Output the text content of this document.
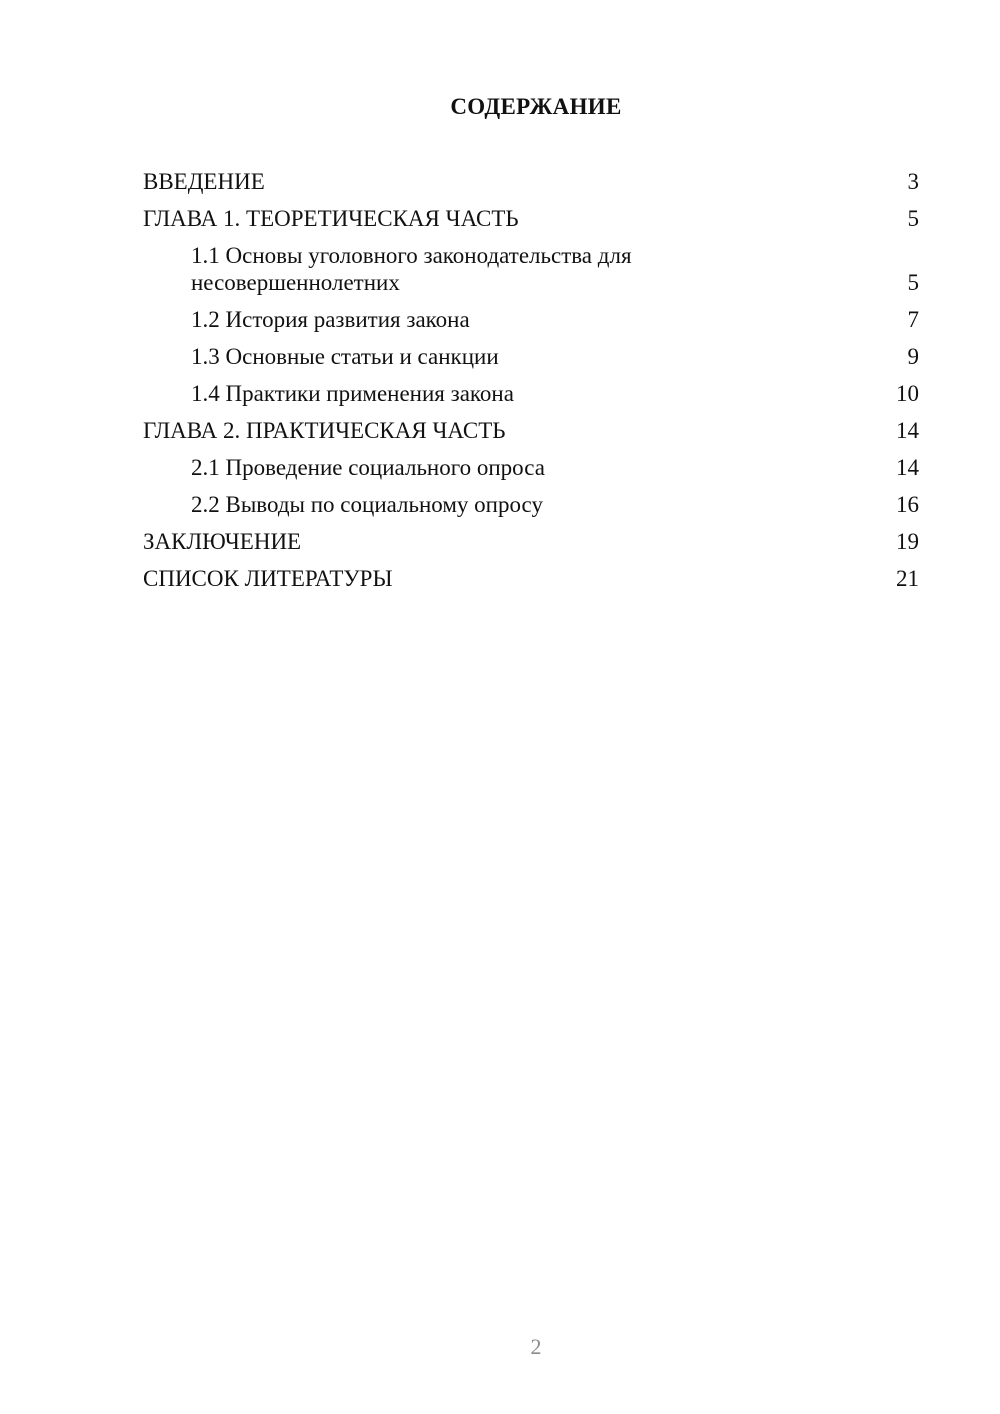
СОДЕРЖАНИЕ
ВВЕДЕНИЕ	3
ГЛАВА 1. ТЕОРЕТИЧЕСКАЯ ЧАСТЬ	5
1.1 Основы уголовного законодательства для несовершеннолетних	5
1.2 История развития закона	7
1.3 Основные статьи и санкции	9
1.4 Практики применения закона	10
ГЛАВА 2. ПРАКТИЧЕСКАЯ ЧАСТЬ	14
2.1 Проведение социального опроса	14
2.2 Выводы по социальному опросу	16
ЗАКЛЮЧЕНИЕ	19
СПИСОК ЛИТЕРАТУРЫ	21
2
